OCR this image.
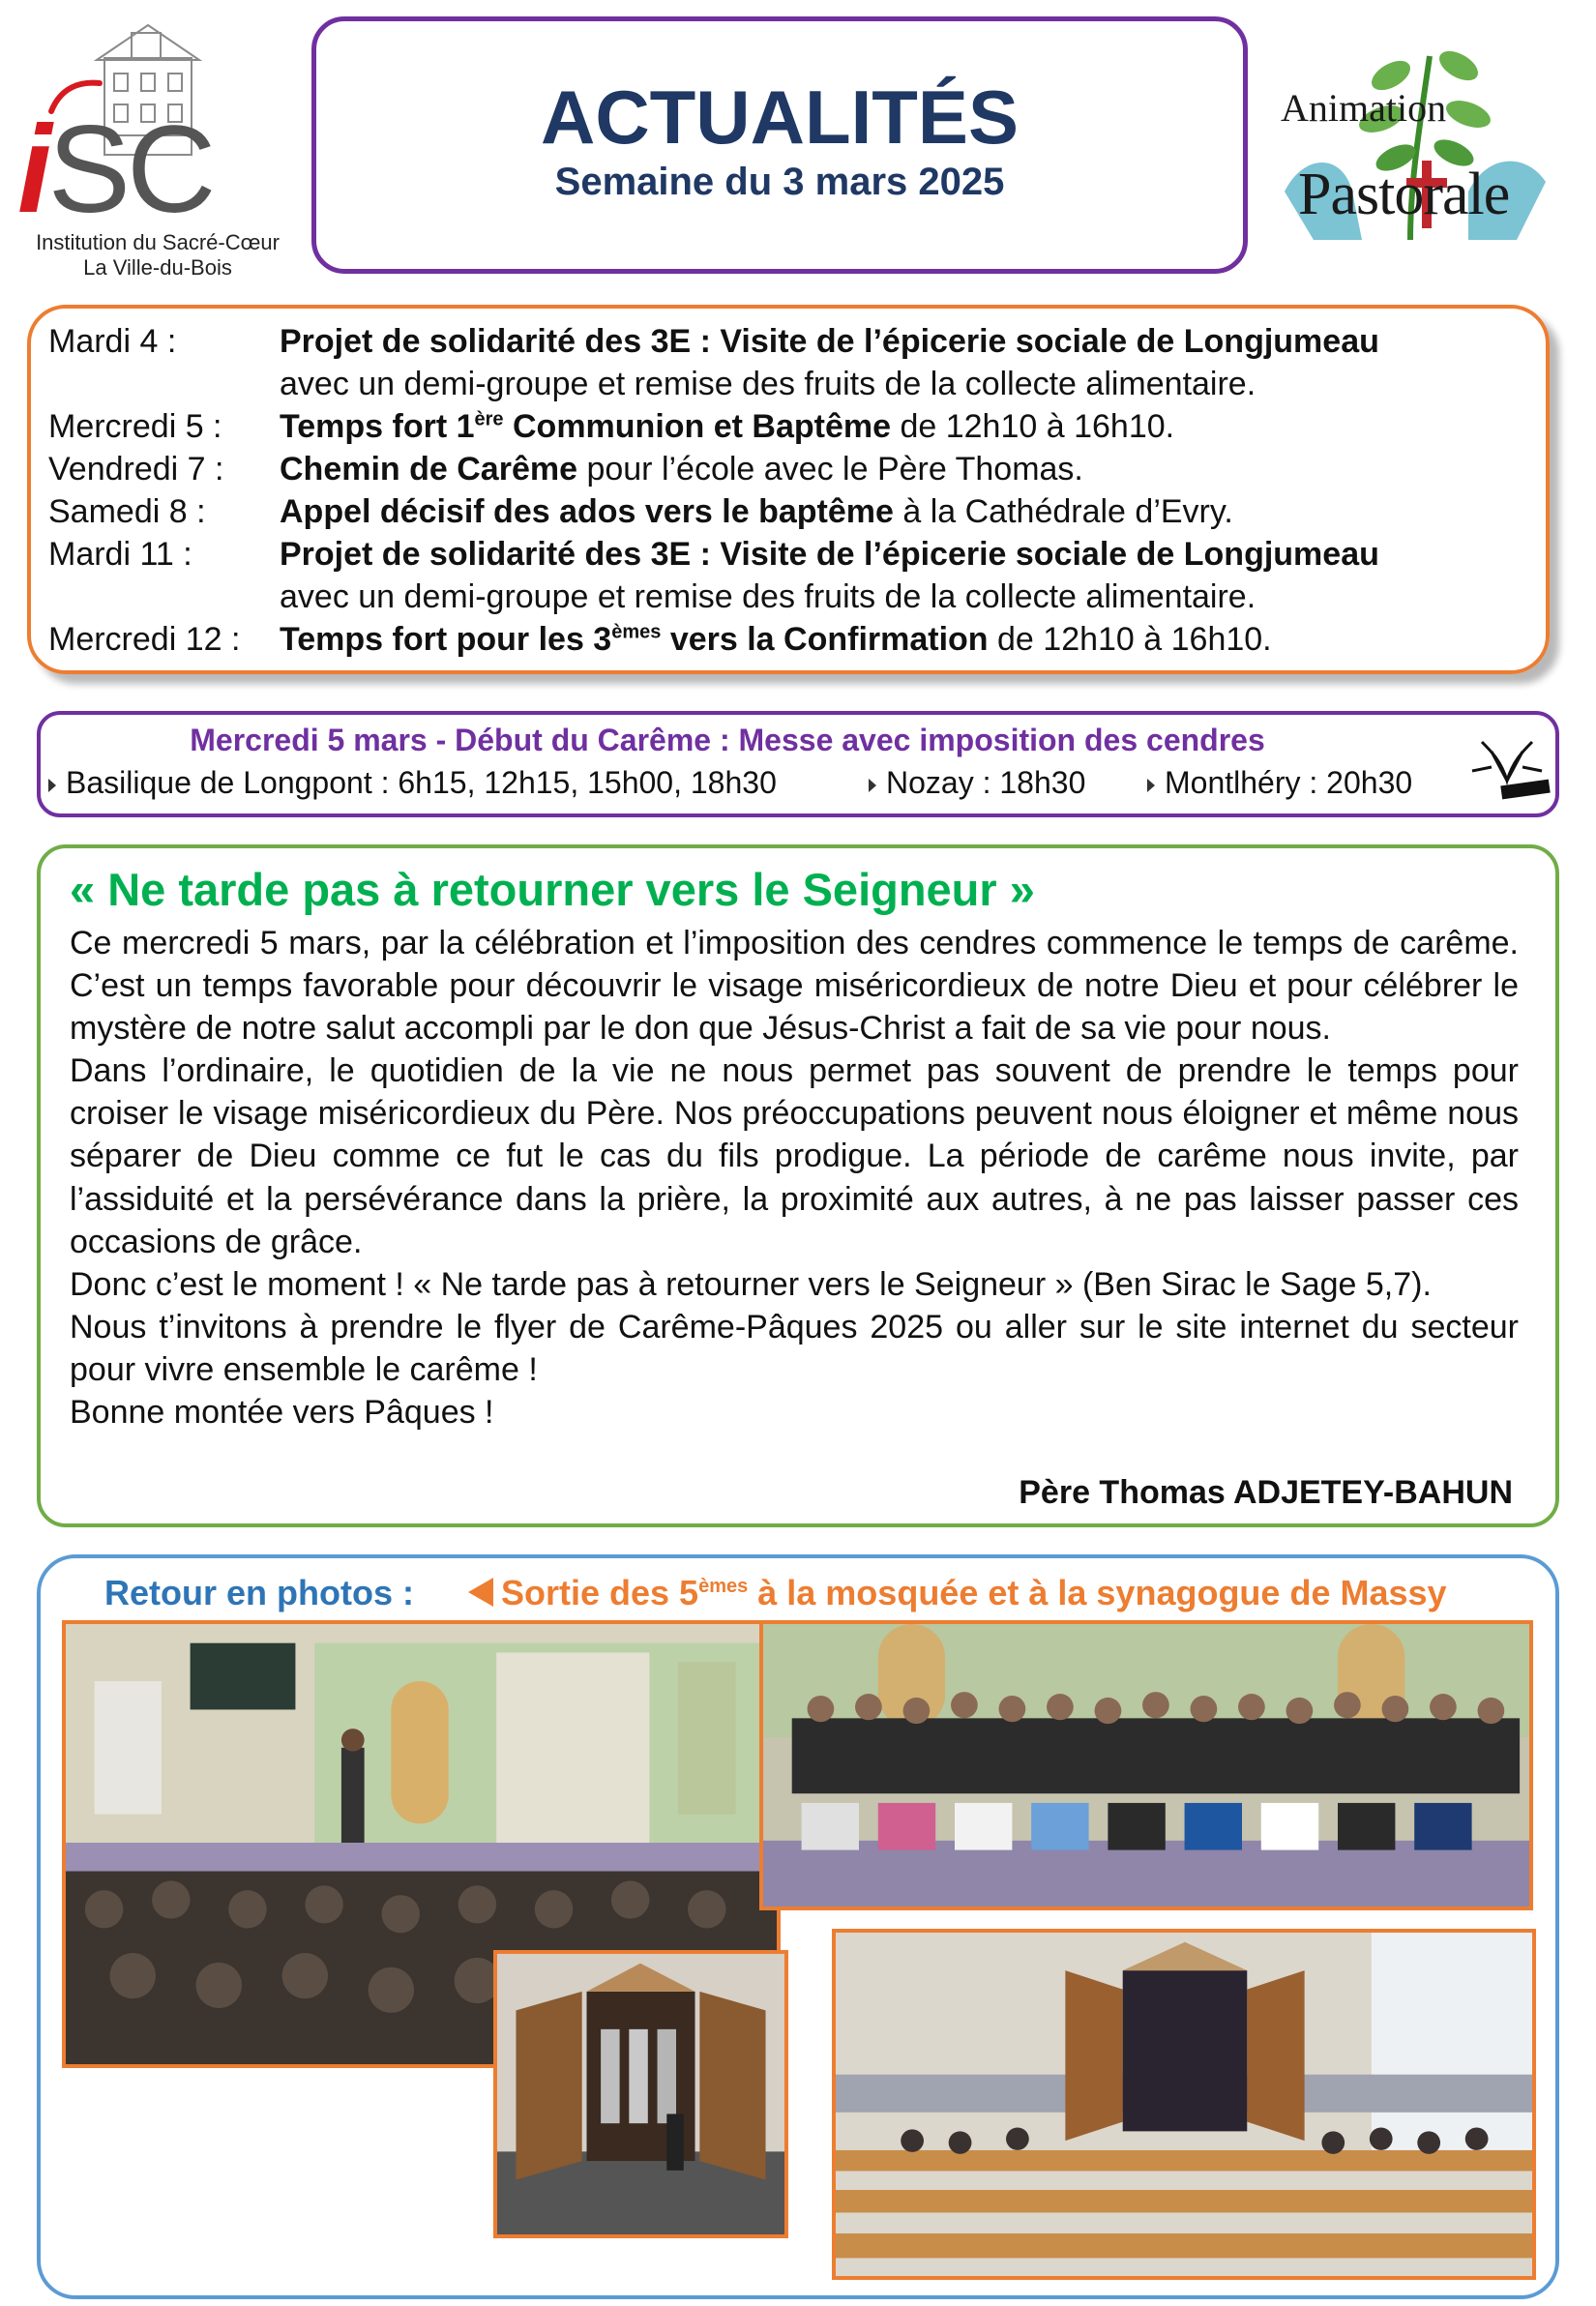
iSC
Institution du Sacré-Cœur
La Ville-du-Bois
ACTUALITÉS
Semaine du 3 mars 2025
Animation
Pastorale
Mardi 4 :	Projet de solidarité des 3E : Visite de l’épicerie sociale de Longjumeau
avec un demi-groupe et remise des fruits de la collecte alimentaire.
Mercredi 5 : Temps fort 1ère Communion et Baptême de 12h10 à 16h10.
Vendredi 7 : Chemin de Carême pour l’école avec le Père Thomas.
Samedi 8 : Appel décisif des ados vers le baptême à la Cathédrale d’Evry.
Mardi 11 :	Projet de solidarité des 3E : Visite de l’épicerie sociale de Longjumeau
avec un demi-groupe et remise des fruits de la collecte alimentaire.
Mercredi 12 : Temps fort pour les 3èmes vers la Confirmation de 12h10 à 16h10.
Mercredi 5 mars - Début du Carême : Messe avec imposition des cendres
Basilique de Longpont : 6h15, 12h15, 15h00, 18h30	Nozay : 18h30	Montlhéry : 20h30
« Ne tarde pas à retourner vers le Seigneur »

Ce mercredi 5 mars, par la célébration et l’imposition des cendres commence le temps de carême. C’est un temps favorable pour découvrir le visage miséricordieux de notre Dieu et pour célébrer le mystère de notre salut accompli par le don que Jésus-Christ a fait de sa vie pour nous.

Dans l’ordinaire, le quotidien de la vie ne nous permet pas souvent de prendre le temps pour croiser le visage miséricordieux du Père. Nos préoccupations peuvent nous éloigner et même nous séparer de Dieu comme ce fut le cas du fils prodigue. La période de carême nous invite, par l’assiduité et la persévérance dans la prière, la proximité aux autres, à ne pas laisser passer ces occasions de grâce.

Donc c’est le moment ! « Ne tarde pas à retourner vers le Seigneur » (Ben Sirac le Sage 5,7).

Nous t’invitons à prendre le flyer de Carême-Pâques 2025 ou aller sur le site internet du secteur pour vivre ensemble le carême !

Bonne montée vers Pâques !

Père Thomas ADJETEY-BAHUN
Retour en photos :	Sortie des 5èmes à la mosquée et à la synagogue de Massy
